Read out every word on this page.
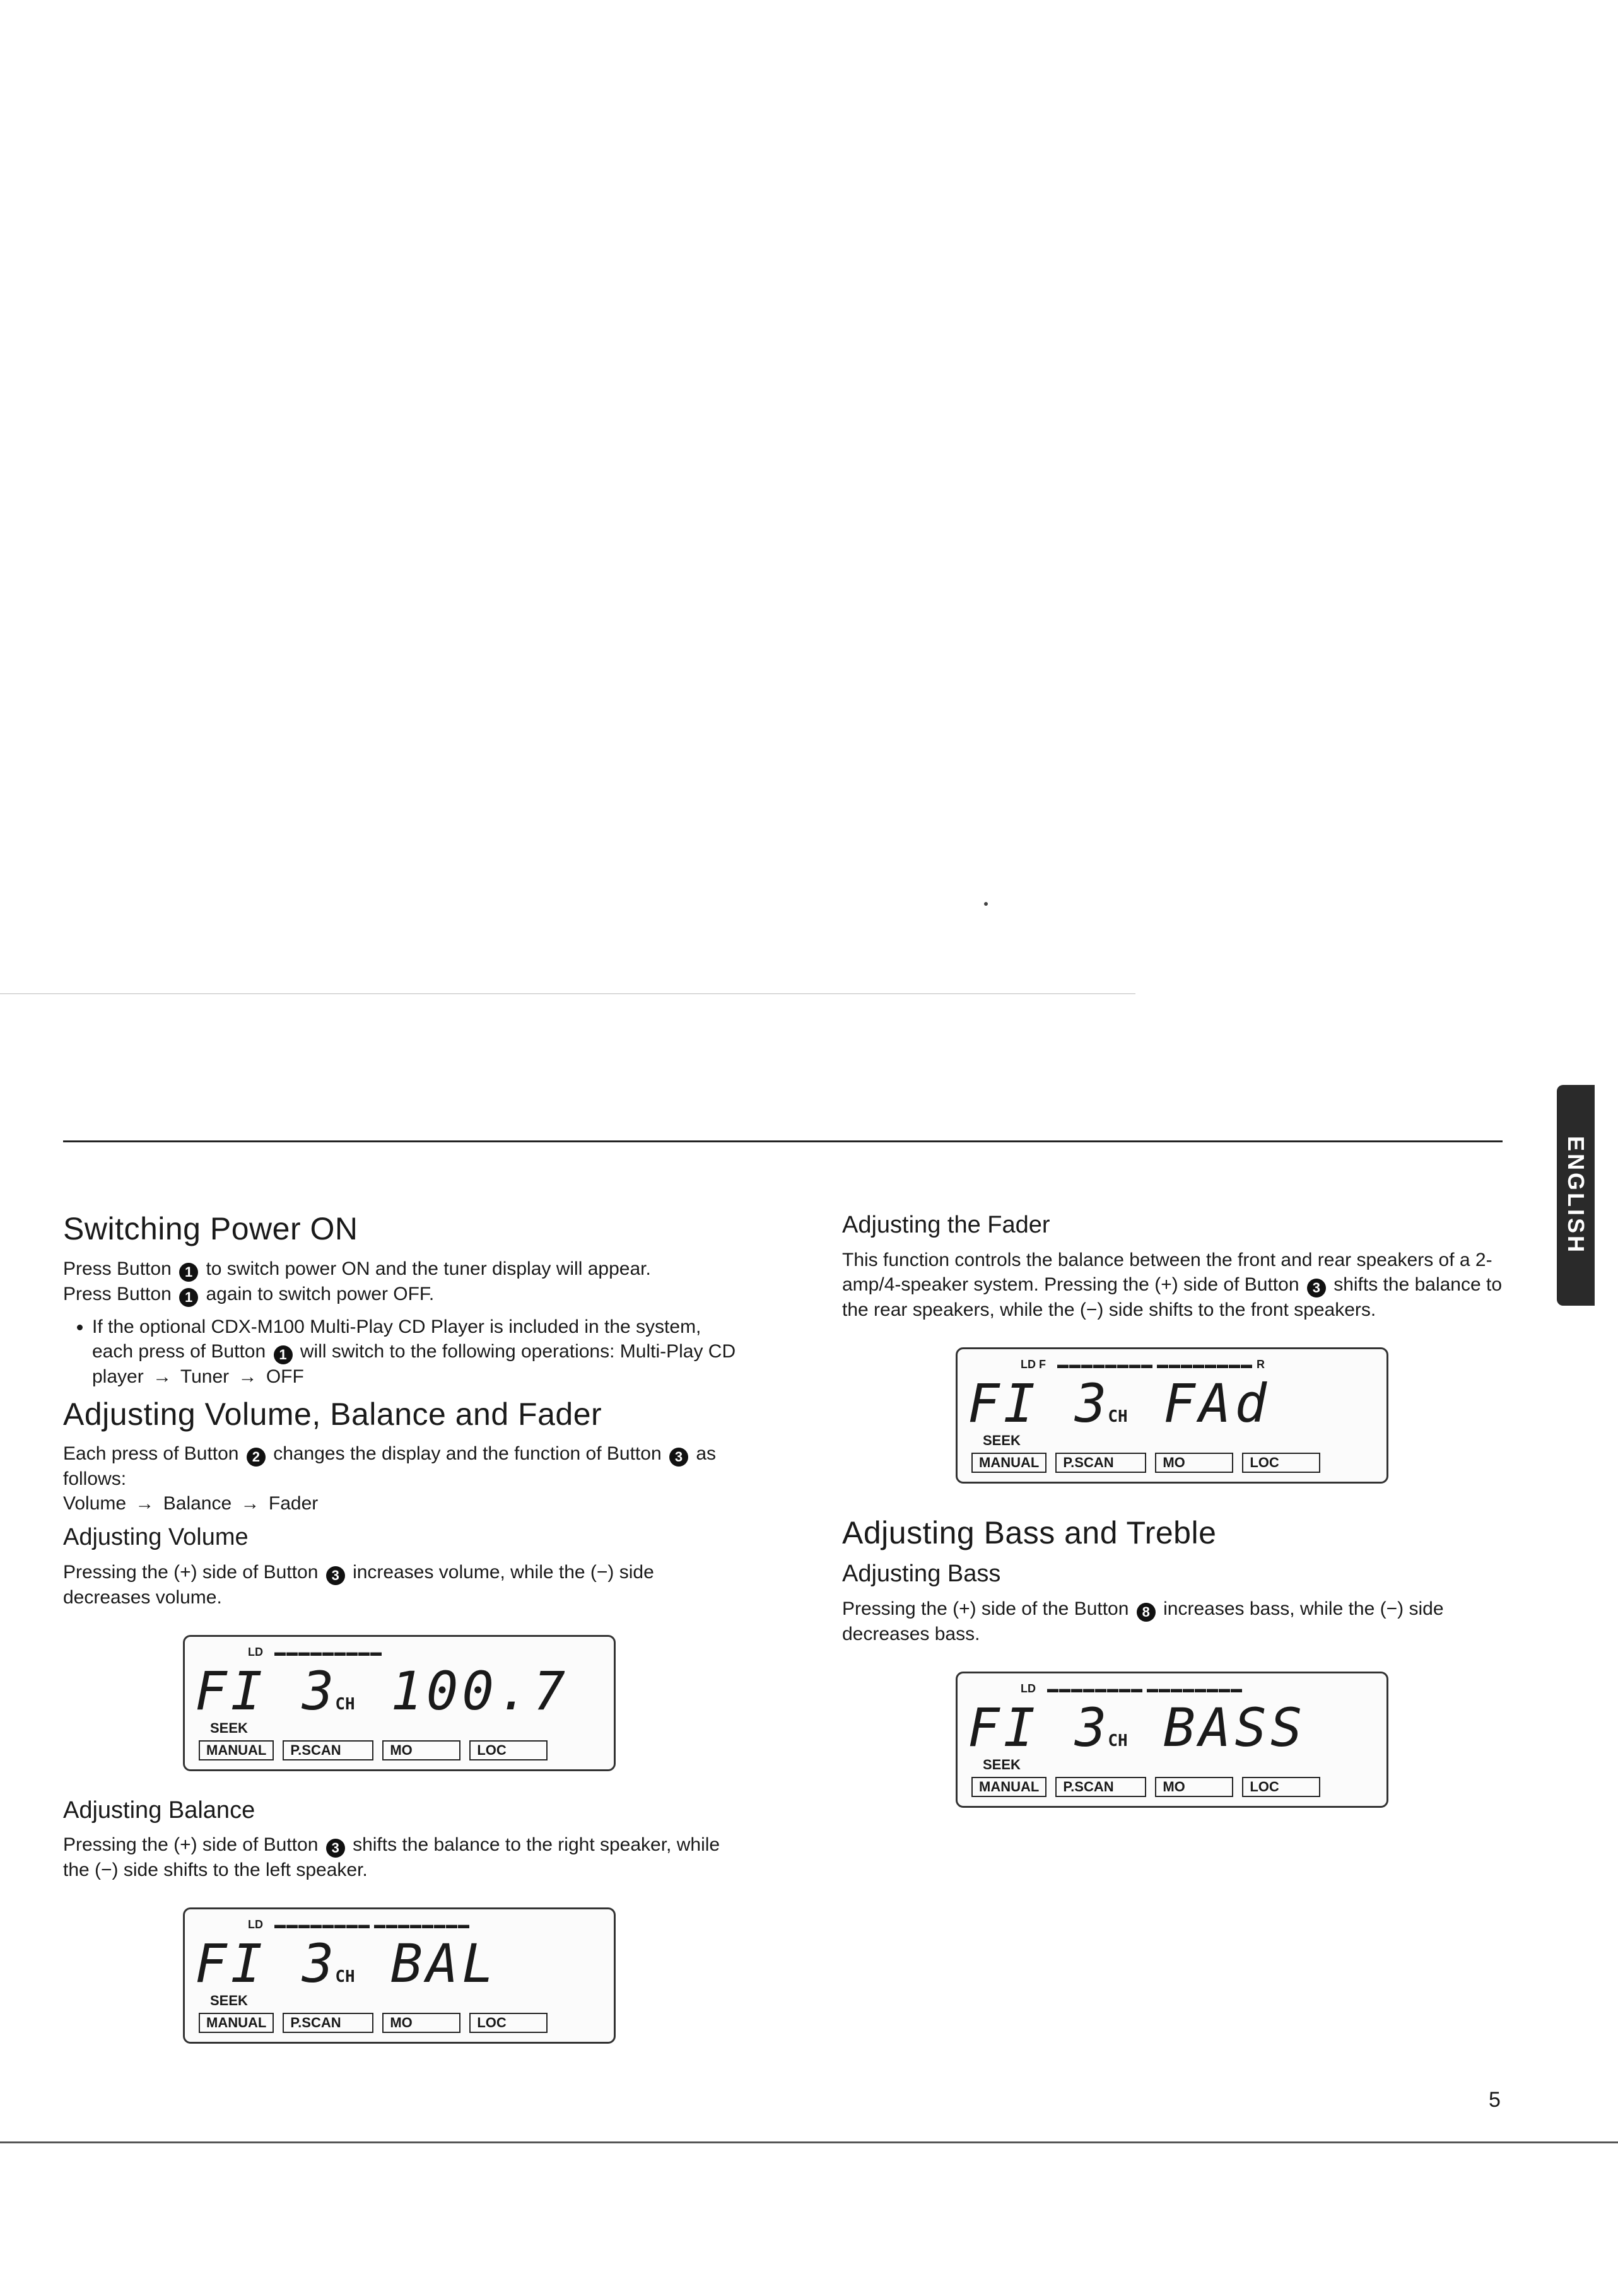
ENGLISH
Switching Power ON

Press Button 1 to switch power ON and the tuner display will appear.
Press Button 1 again to switch power OFF.

• If the optional CDX-M100 Multi-Play CD Player is included in the system, each press of Button 1 will switch to the following operations: Multi-Play CD player → Tuner → OFF
Adjusting Volume, Balance and Fader

Each press of Button 2 changes the display and the function of Button 3 as follows:
Volume → Balance → Fader

Adjusting Volume

Pressing the (+) side of Button 3 increases volume, while the (−) side decreases volume.

LD ▬▬▬▬▬▬▬▬▬
FI 3CH 100.7
SEEK
MANUAL	P.SCAN	MO	LOC
Adjusting Balance

Pressing the (+) side of Button 3 shifts the balance to the right speaker, while the (−) side shifts to the left speaker.

LD ▬▬▬▬▬▬▬▬ ▬▬▬▬▬▬▬▬
FI 3CH BAL
SEEK
MANUAL	P.SCAN	MO	LOC
Adjusting the Fader

This function controls the balance between the front and rear speakers of a 2-amp/4-speaker system. Pressing the (+) side of Button 3 shifts the balance to the rear speakers, while the (−) side shifts to the front speakers.

LD F ▬▬▬▬▬▬▬▬ ▬▬▬▬▬▬▬▬ R
FI 3CH FAd
SEEK
MANUAL	P.SCAN	MO	LOC
Adjusting Bass and Treble
Adjusting Bass

Pressing the (+) side of the Button 8 increases bass, while the (−) side decreases bass.

LD ▬▬▬▬▬▬▬▬ ▬▬▬▬▬▬▬▬
FI 3CH BASS
SEEK
MANUAL	P.SCAN	MO	LOC
5
